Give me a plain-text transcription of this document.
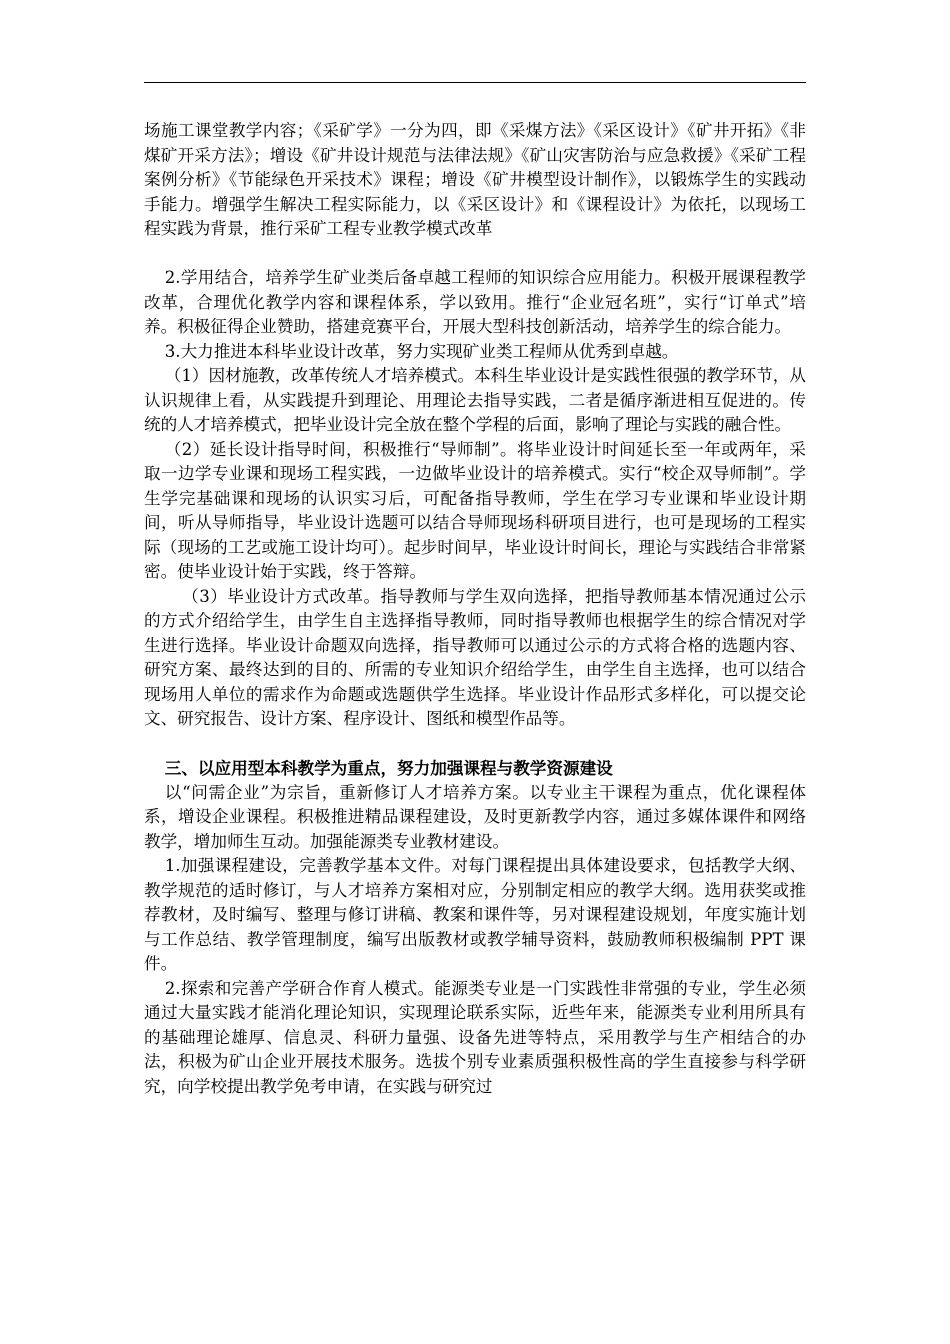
场施工课堂教学内容；《采矿学》一分为四，即《采煤方法》《采区设计》《矿井开拓》《非煤矿开采方法》；增设《矿井设计规范与法律法规》《矿山灾害防治与应急救援》《采矿工程案例分析》《节能绿色开采技术》课程；增设《矿井模型设计制作》，以锻炼学生的实践动手能力。增强学生解决工程实际能力，以《采区设计》和《课程设计》为依托，以现场工程实践为背景，推行采矿工程专业教学模式改革

2.学用结合，培养学生矿业类后备卓越工程师的知识综合应用能力。积极开展课程教学改革，合理优化教学内容和课程体系，学以致用。推行“企业冠名班”，实行“订单式”培养。积极征得企业赞助，搭建竞赛平台，开展大型科技创新活动，培养学生的综合能力。

3.大力推进本科毕业设计改革，努力实现矿业类工程师从优秀到卓越。

（1）因材施教，改革传统人才培养模式。本科生毕业设计是实践性很强的教学环节，从认识规律上看，从实践提升到理论、用理论去指导实践，二者是循序渐进相互促进的。传统的人才培养模式，把毕业设计完全放在整个学程的后面，影响了理论与实践的融合性。

（2）延长设计指导时间，积极推行“导师制”。将毕业设计时间延长至一年或两年，采取一边学专业课和现场工程实践，一边做毕业设计的培养模式。实行“校企双导师制”。学生学完基础课和现场的认识实习后，可配备指导教师，学生在学习专业课和毕业设计期间，听从导师指导，毕业设计选题可以结合导师现场科研项目进行，也可是现场的工程实际（现场的工艺或施工设计均可）。起步时间早，毕业设计时间长，理论与实践结合非常紧密。使毕业设计始于实践，终于答辩。

（3）毕业设计方式改革。指导教师与学生双向选择，把指导教师基本情况通过公示的方式介绍给学生，由学生自主选择指导教师，同时指导教师也根据学生的综合情况对学生进行选择。毕业设计命题双向选择，指导教师可以通过公示的方式将合格的选题内容、研究方案、最终达到的目的、所需的专业知识介绍给学生，由学生自主选择，也可以结合现场用人单位的需求作为命题或选题供学生选择。毕业设计作品形式多样化，可以提交论文、研究报告、设计方案、程序设计、图纸和模型作品等。

三、以应用型本科教学为重点，努力加强课程与教学资源建设

以“问需企业”为宗旨，重新修订人才培养方案。以专业主干课程为重点，优化课程体系，增设企业课程。积极推进精品课程建设，及时更新教学内容，通过多媒体课件和网络教学，增加师生互动。加强能源类专业教材建设。

1.加强课程建设，完善教学基本文件。对每门课程提出具体建设要求，包括教学大纲、教学规范的适时修订，与人才培养方案相对应，分别制定相应的教学大纲。选用获奖或推荐教材，及时编写、整理与修订讲稿、教案和课件等，另对课程建设规划，年度实施计划与工作总结、教学管理制度，编写出版教材或教学辅导资料，鼓励教师积极编制 PPT 课件。

2.探索和完善产学研合作育人模式。能源类专业是一门实践性非常强的专业，学生必须通过大量实践才能消化理论知识，实现理论联系实际，近些年来，能源类专业利用所具有的基础理论雄厚、信息灵、科研力量强、设备先进等特点，采用教学与生产相结合的办法，积极为矿山企业开展技术服务。选拔个别专业素质强积极性高的学生直接参与科学研究，向学校提出教学免考申请，在实践与研究过
